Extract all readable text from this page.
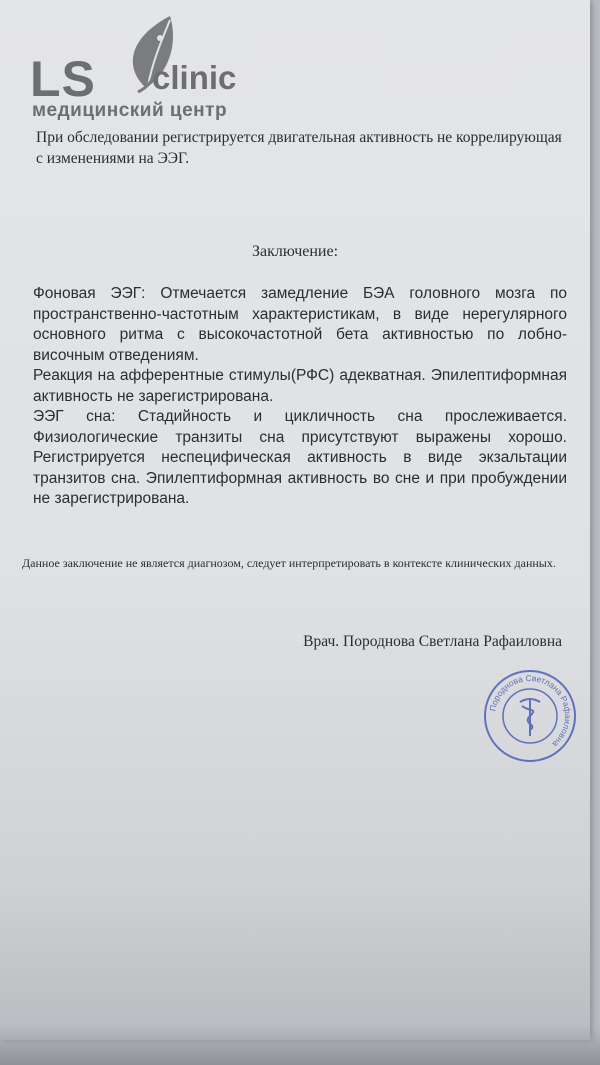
LS clinic
медицинский центр
При обследовании регистрируется двигательная активность не коррелирующая с изменениями на ЭЭГ.
Заключение:

Фоновая ЭЭГ: Отмечается замедление БЭА головного мозга по пространственно-частотным характеристикам, в виде нерегулярного основного ритма с высокочастотной бета активностью по лобно-височным отведениям.

Реакция на афферентные стимулы(РФС) адекватная. Эпилептиформная активность не зарегистрирована.

ЭЭГ сна: Стадийность и цикличность сна прослеживается. Физиологические транзиты сна присутствуют выражены хорошо. Регистрируется неспецифическая активность в виде экзальтации транзитов сна. Эпилептиформная активность во сне и при пробуждении не зарегистрирована.

Данное заключение не является диагнозом, следует интерпретировать в контексте клинических данных.
Врач. Породнова Светлана Рафаиловна
Породнова Светлана Рафаиловна
